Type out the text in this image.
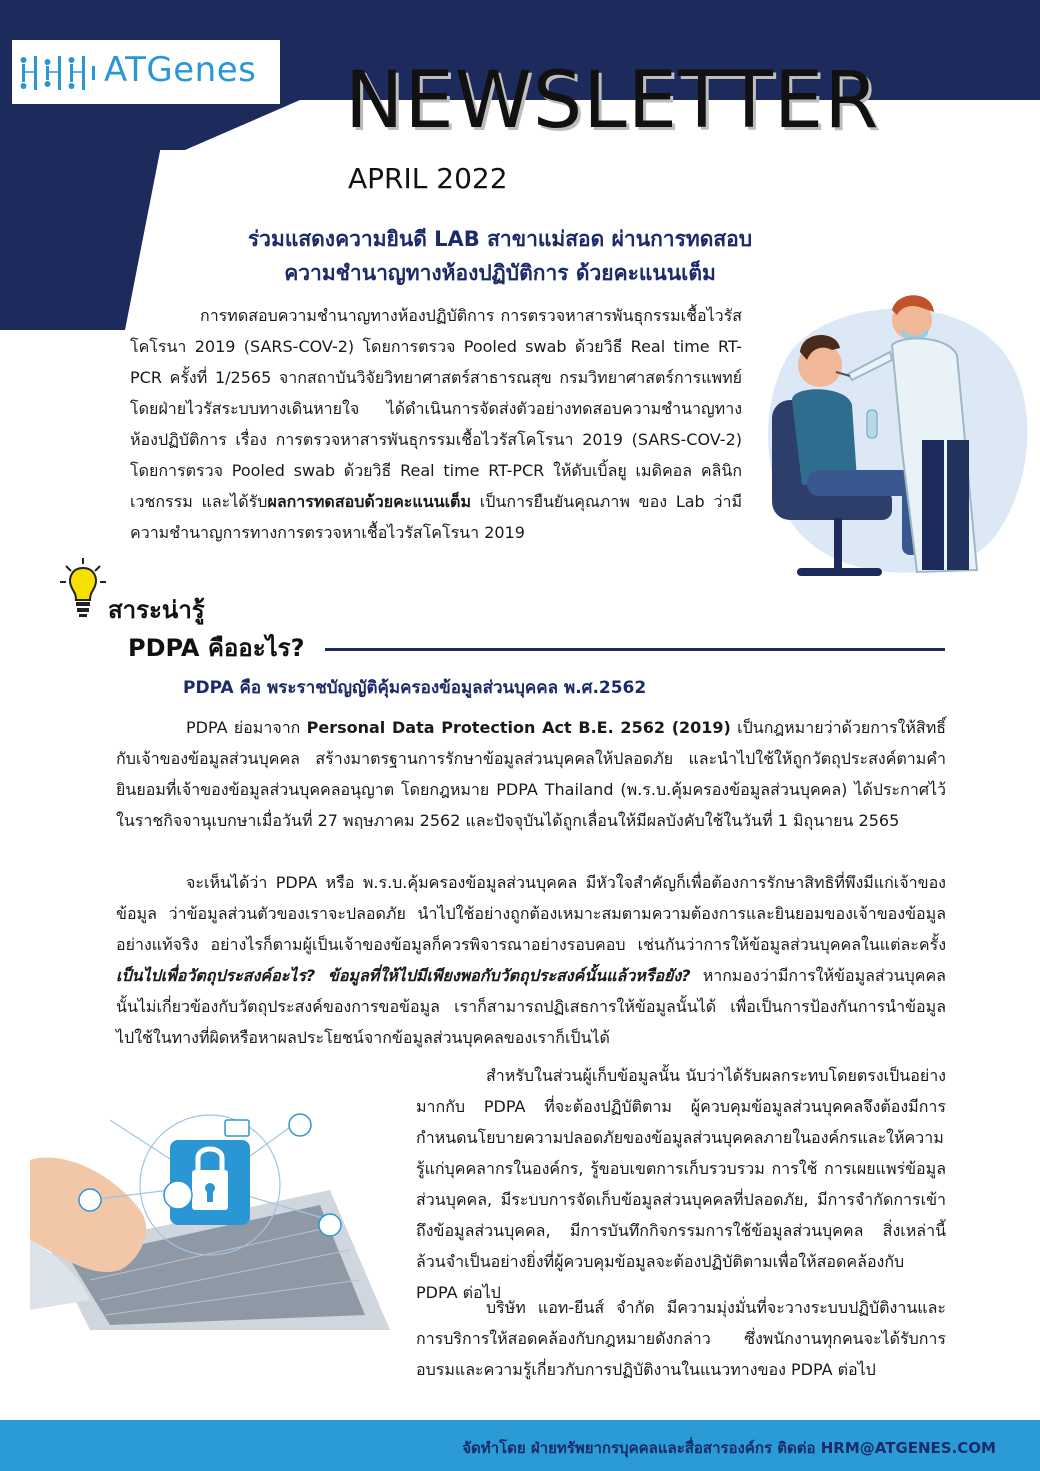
ATGenes NEWSLETTER
APRIL 2022
ร่วมแสดงความยินดี LAB สาขาแม่สอด ผ่านการทดสอบ
ความชำนาญทางห้องปฏิบัติการ ด้วยคะแนนเต็ม
การทดสอบความชำนาญทางห้องปฏิบัติการ การตรวจหาสารพันธุกรรมเชื้อไวรัสโคโรนา 2019 (SARS-COV-2) โดยการตรวจ Pooled swab ด้วยวิธี Real time RT-PCR ครั้งที่ 1/2565 จากสถาบันวิจัยวิทยาศาสตร์สาธารณสุข กรมวิทยาศาสตร์การแพทย์ โดยฝ่ายไวรัสระบบทางเดินหายใจ ได้ดำเนินการจัดส่งตัวอย่างทดสอบความชำนาญทางห้องปฏิบัติการ เรื่อง การตรวจหาสารพันธุกรรมเชื้อไวรัสโคโรนา 2019 (SARS-COV-2) โดยการตรวจ Pooled swab ด้วยวิธี Real time RT-PCR ให้ดับเบิ้ลยู เมดิคอล คลินิกเวชกรรม และได้รับผลการทดสอบด้วยคะแนนเต็ม เป็นการยืนยันคุณภาพ ของ Lab ว่ามีความชำนาญการทางการตรวจหาเชื้อไวรัสโคโรนา 2019
สาระน่ารู้
PDPA คืออะไร?
PDPA คือ พระราชบัญญัติคุ้มครองข้อมูลส่วนบุคคล พ.ศ.2562
PDPA ย่อมาจาก Personal Data Protection Act B.E. 2562 (2019) เป็นกฎหมายว่าด้วยการให้สิทธิ์กับเจ้าของข้อมูลส่วนบุคคล สร้างมาตรฐานการรักษาข้อมูลส่วนบุคคลให้ปลอดภัย และนำไปใช้ให้ถูกวัตถุประสงค์ตามคำยินยอมที่เจ้าของข้อมูลส่วนบุคคลอนุญาต โดยกฎหมาย PDPA Thailand (พ.ร.บ.คุ้มครองข้อมูลส่วนบุคคล) ได้ประกาศไว้ในราชกิจจานุเบกษาเมื่อวันที่ 27 พฤษภาคม 2562 และปัจจุบันได้ถูกเลื่อนให้มีผลบังคับใช้ในวันที่ 1 มิถุนายน 2565
จะเห็นได้ว่า PDPA หรือ พ.ร.บ.คุ้มครองข้อมูลส่วนบุคคล มีหัวใจสำคัญก็เพื่อต้องการรักษาสิทธิที่พึงมีแก่เจ้าของข้อมูล ว่าข้อมูลส่วนตัวของเราจะปลอดภัย นำไปใช้อย่างถูกต้องเหมาะสมตามความต้องการและยินยอมของเจ้าของข้อมูลอย่างแท้จริง อย่างไรก็ตามผู้เป็นเจ้าของข้อมูลก็ควรพิจารณาอย่างรอบคอบ เช่นกันว่าการให้ข้อมูลส่วนบุคคลในแต่ละครั้ง เป็นไปเพื่อวัตถุประสงค์อะไร? ข้อมูลที่ให้ไปมีเพียงพอกับวัตถุประสงค์นั้นแล้วหรือยัง? หากมองว่ามีการให้ข้อมูลส่วนบุคคลนั้นไม่เกี่ยวข้องกับวัตถุประสงค์ของการขอข้อมูล เราก็สามารถปฏิเสธการให้ข้อมูลนั้นได้ เพื่อเป็นการป้องกันการนำข้อมูลไปใช้ในทางที่ผิดหรือหาผลประโยชน์จากข้อมูลส่วนบุคคลของเราก็เป็นได้
สำหรับในส่วนผู้เก็บข้อมูลนั้น นับว่าได้รับผลกระทบโดยตรงเป็นอย่างมากกับ PDPA ที่จะต้องปฏิบัติตาม ผู้ควบคุมข้อมูลส่วนบุคคลจึงต้องมีการกำหนดนโยบายความปลอดภัยของข้อมูลส่วนบุคคลภายในองค์กรและให้ความรู้แก่บุคคลากรในองค์กร, รู้ขอบเขตการเก็บรวบรวม การใช้ การเผยแพร่ข้อมูลส่วนบุคคล, มีระบบการจัดเก็บข้อมูลส่วนบุคคลที่ปลอดภัย, มีการจำกัดการเข้าถึงข้อมูลส่วนบุคคล, มีการบันทึกกิจกรรมการใช้ข้อมูลส่วนบุคคล สิ่งเหล่านี้ล้วนจำเป็นอย่างยิ่งที่ผู้ควบคุมข้อมูลจะต้องปฏิบัติตามเพื่อให้สอดคล้องกับ PDPA ต่อไป
บริษัท แอท-ยีนส์ จำกัด มีความมุ่งมั่นที่จะวางระบบปฏิบัติงานและการบริการให้สอดคล้องกับกฎหมายดังกล่าว ซึ่งพนักงานทุกคนจะได้รับการอบรมและความรู้เกี่ยวกับการปฏิบัติงานในแนวทางของ PDPA ต่อไป
จัดทำโดย ฝ่ายทรัพยากรบุคคลและสื่อสารองค์กร ติดต่อ HRM@ATGENES.COM
